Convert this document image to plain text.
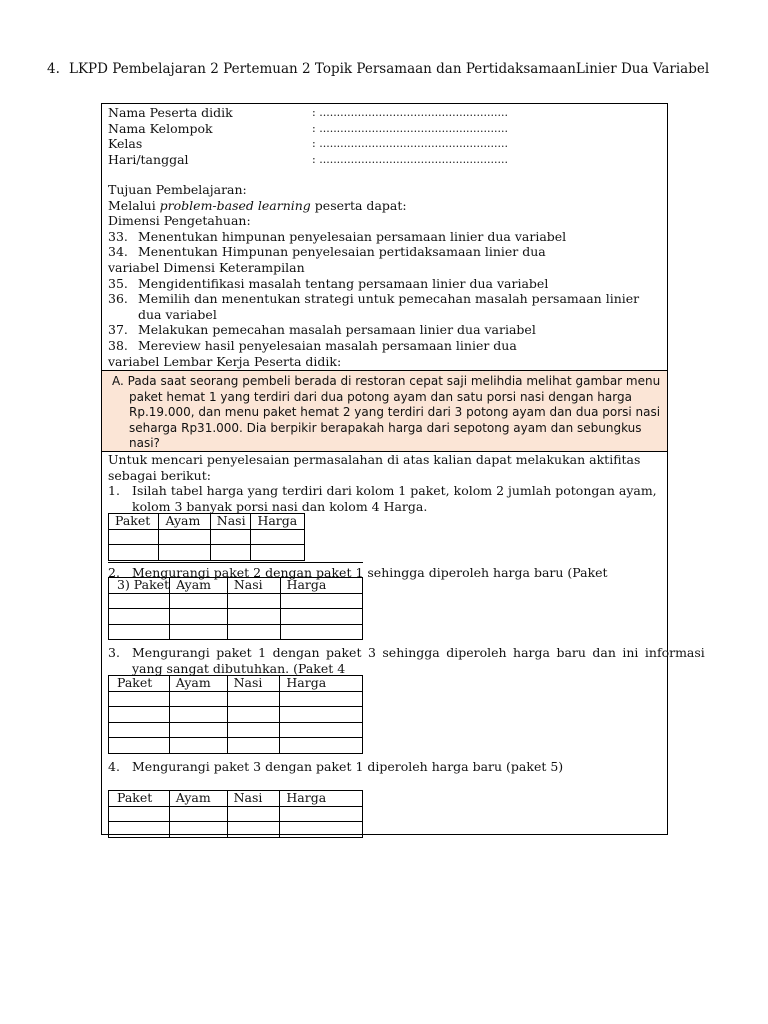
4. LKPD Pembelajaran 2 Pertemuan 2 Topik Persamaan dan PertidaksamaanLinier Dua Variabel
Nama Peserta didik	: ......................................................
Nama Kelompok	: ......................................................
Kelas	: ......................................................
Hari/tanggal	: ......................................................
Tujuan Pembelajaran:
Melalui problem-based learning peserta dapat:
Dimensi Pengetahuan:
33. Menentukan himpunan penyelesaian persamaan linier dua variabel
34. Menentukan Himpunan penyelesaian pertidaksamaan linier dua
variabel Dimensi Keterampilan
35. Mengidentifikasi masalah tentang persamaan linier dua variabel
36. Memilih dan menentukan strategi untuk pemecahan masalah persamaan linier
dua variabel
37. Melakukan pemecahan masalah persamaan linier dua variabel
38. Mereview hasil penyelesaian masalah persamaan linier dua
variabel Lembar Kerja Peserta didik:
A. Pada saat seorang pembeli berada di restoran cepat saji melihdia melihat gambar menu
paket hemat 1 yang terdiri dari dua potong ayam dan satu porsi nasi dengan harga
Rp.19.000, dan menu paket hemat 2 yang terdiri dari 3 potong ayam dan dua porsi nasi
seharga Rp31.000. Dia berpikir berapakah harga dari sepotong ayam dan sebungkus
nasi?
Untuk mencari penyelesaian permasalahan di atas kalian dapat melakukan aktifitas
sebagai berikut:
1. Isilah tabel harga yang terdiri dari kolom 1 paket, kolom 2 jumlah potongan ayam,
kolom 3 banyak porsi nasi dan kolom 4 Harga.
Paket	Ayam	Nasi	Harga

2. Mengurangi paket 2 dengan paket 1 sehingga diperoleh harga baru (Paket
3) Paket	Ayam	Nasi	Harga

3. Mengurangi paket 1 dengan paket 3 sehingga diperoleh harga baru dan ini informasi
yang sangat dibutuhkan. (Paket 4
Paket	Ayam	Nasi	Harga

4. Mengurangi paket 3 dengan paket 1 diperoleh harga baru (paket 5)
Paket	Ayam	Nasi	Harga
